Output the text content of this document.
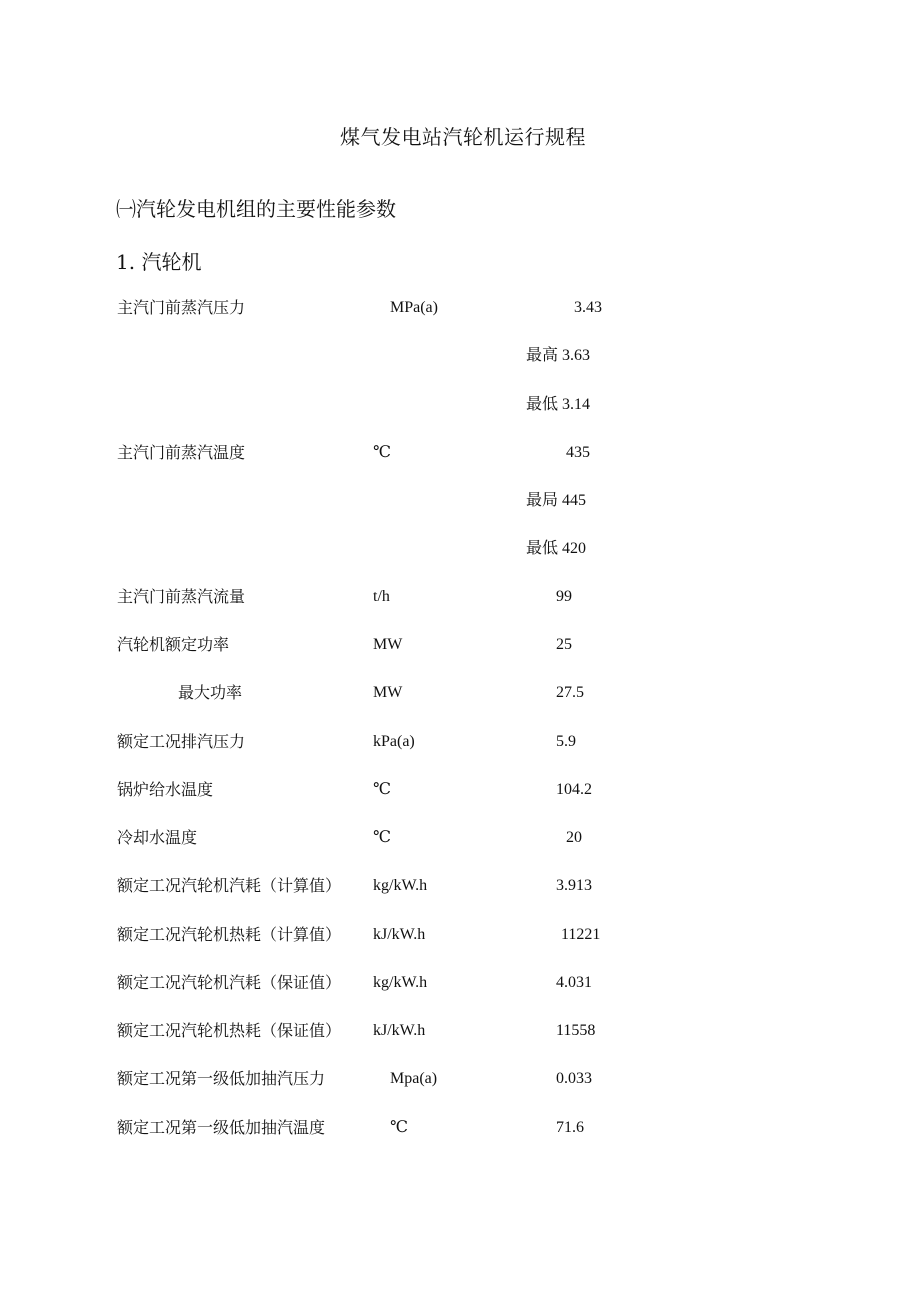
煤气发电站汽轮机运行规程
㈠汽轮发电机组的主要性能参数
1. 汽轮机
主汽门前蒸汽压力	MPa(a)	3.43
最高 3.63
最低 3.14
主汽门前蒸汽温度	℃	435
最局 445
最低 420
主汽门前蒸汽流量	t/h	99
汽轮机额定功率	MW	25
最大功率	MW	27.5
额定工况排汽压力	kPa(a)	5.9
锅炉给水温度	℃	104.2
冷却水温度	℃	20
额定工况汽轮机汽耗（计算值） kg/kW.h	3.913
额定工况汽轮机热耗（计算值） kJ/kW.h	11221
额定工况汽轮机汽耗（保证值） kg/kW.h	4.031
额定工况汽轮机热耗（保证值） kJ/kW.h	11558
额定工况第一级低加抽汽压力	Mpa(a)	0.033
额定工况第一级低加抽汽温度	℃	71.6
